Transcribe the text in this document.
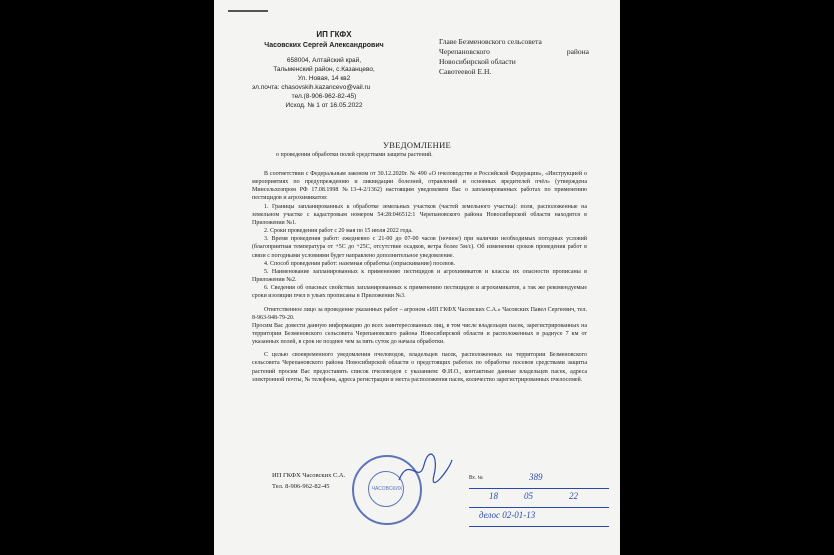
ИП ГКФХ
Часовских Сергей Александрович
658004, Алтайский край,
Тальменский район, с.Казанцево,
Ул. Новая, 14 кв2
эл.почта: chasovskih.kazancevo@vail.ru
тел.(8-906-962-82-45)
Исход. № 1 от 16.05.2022
Главе Безменовского сельсовета
Черепановского	района
Новосибирской области
Савотеевой Е.Н.
УВЕДОМЛЕНИЕ
о проведении обработки полей средствами защиты растений.

В соответствии с Федеральным законом от 30.12.2020г. № 490 «О пчеловодстве в Российской Федерации», «Инструкцией о мероприятиях по предупреждению и ликвидации болезней, отравлений и основных вредителей пчёл» (утверждена Минсельхозпром РФ 17.08.1998 №13-4-2/1362) настоящим уведомляем Вас о запланированных работах по применению пестицидов и агрохимикатов:

1. Границы запланированных к обработке земельных участков (частей земельного участка): поля, расположенные на земельном участке с кадастровым номером 54:28:046512:1 Черепановского района Новосибирской области находятся в Приложении №1.

2. Сроки проведения работ с 20 мая по 15 июля 2022 года.

3. Время проведения работ: ежедневно с 21-00 до 07-00 часов (ночное) при наличии необходимых погодных условий (благоприятная температура от +5С до +25С, отсутствие осадков, ветра более 5м/с). Об изменении сроков проведения работ в связи с погодными условиями будет направлено дополнительное уведомление.

4. Способ проведения работ: наземная обработка (опрыскивание) посевов.

5. Наименование запланированных к применению пестицидов и агрохимикатов и классы их опасности прописаны в Приложении №2.

6. Сведения об опасных свойствах запланированных к применению пестицидов и агрохимикатов, а так же рекомендуемые сроки изоляции пчел в ульях прописаны в Приложении №3.

Ответственное лицо за проведение указанных работ – агроном «ИП ГКФХ Часовских С.А.» Часовских Павел Сергеевич, тел. 8-963-948-79-20.

Просим Вас довести данную информацию до всех заинтересованных лиц, в том числе владельцев пасек, зарегистрированных на территории Безменовского сельсовета Черепановского района Новосибирской области и расположенных в радиусе 7 км от указанных полей, в срок не позднее чем за пять суток до начала обработки.

С целью своевременного уведомления пчеловодов, владельцев пасек, расположенных на территории Безменовского сельсовета Черепановского района Новосибирской области о предстоящих работах по обработке посевов средствами защиты растений просим Вас предоставить список пчеловодов с указанием: Ф.И.О., контактные данные владельцев пасек, адреса электронной почты, № телефона, адреса регистрации и места расположения пасек, количество зарегистрированных пчелосемей.

ИП ГКФХ Часовских С.А.
Тел. 8-906-962-82-45	ЧАСОВСКИХ
Вх. №	389
18	05	22
делос 02-01-13
